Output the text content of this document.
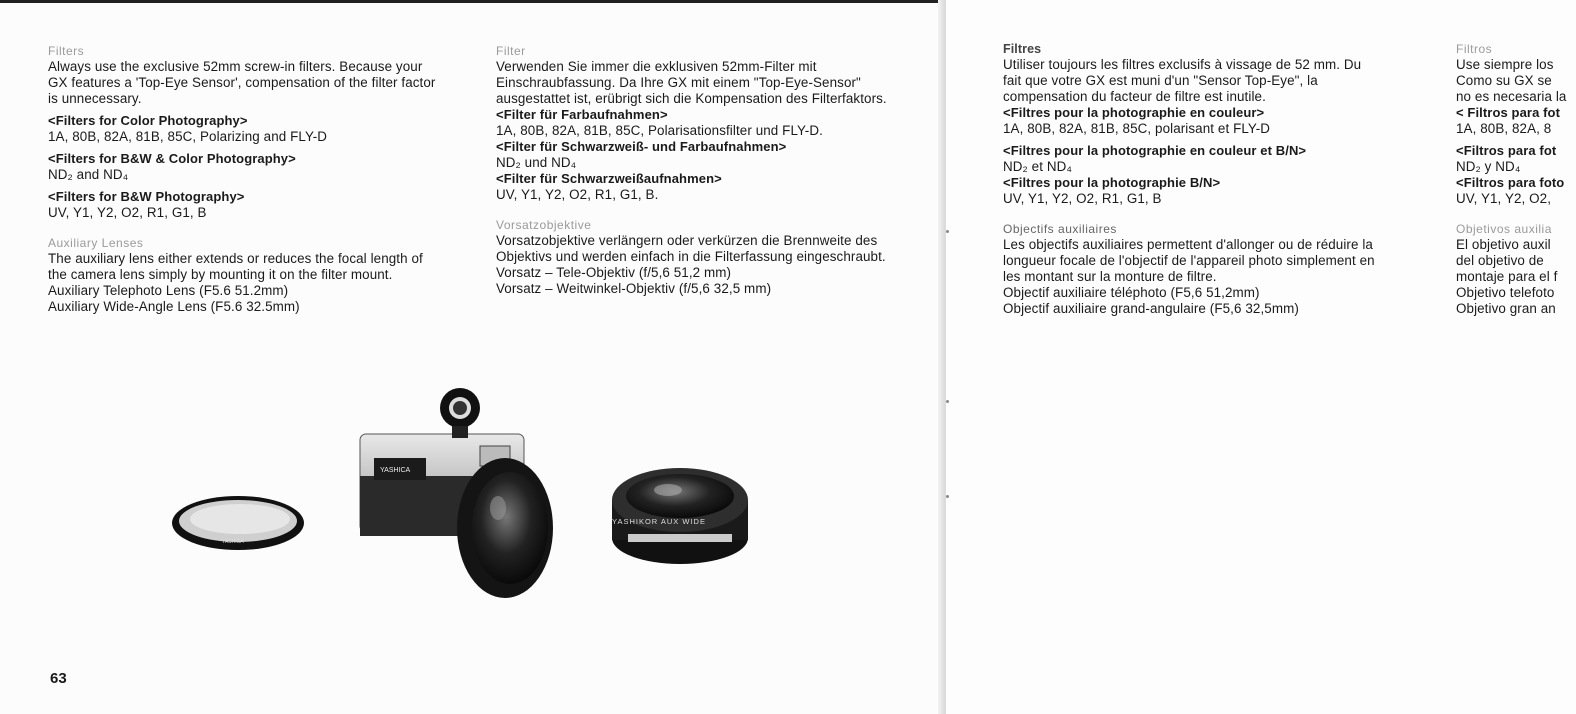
Filters

Always use the exclusive 52mm screw-in filters. Because your GX features a 'Top-Eye Sensor', compensation of the filter factor is unnecessary.

<Filters for Color Photography>

1A, 80B, 82A, 81B, 85C, Polarizing and FLY-D

<Filters for B&W & Color Photography>

ND₂ and ND₄

<Filters for B&W Photography>

UV, Y1, Y2, O2, R1, G1, B

Auxiliary Lenses

The auxiliary lens either extends or reduces the focal length of the camera lens simply by mounting it on the filter mount.

Auxiliary Telephoto Lens (F5.6 51.2mm)

Auxiliary Wide-Angle Lens (F5.6 32.5mm)

Filter

Verwenden Sie immer die exklusiven 52mm-Filter mit Einschraubfassung. Da Ihre GX mit einem "Top-Eye-Sensor" ausgestattet ist, erübrigt sich die Kompensation des Filterfaktors.

<Filter für Farbaufnahmen>

1A, 80B, 82A, 81B, 85C, Polarisationsfilter und FLY-D.

<Filter für Schwarzweiß- und Farbaufnahmen>

ND₂ und ND₄

<Filter für Schwarzweißaufnahmen>

UV, Y1, Y2, O2, R1, G1, B.

Vorsatzobjektive

Vorsatzobjektive verlängern oder verkürzen die Brennweite des Objektivs und werden einfach in die Filterfassung eingeschraubt.

Vorsatz – Tele-Objektiv (f/5,6 51,2 mm)

Vorsatz – Weitwinkel-Objektiv (f/5,6 32,5 mm)

YASHICA
YASHICA
YASHIKOR AUX WIDE
63

Filtres

Utiliser toujours les filtres exclusifs à vissage de 52 mm. Du fait que votre GX est muni d'un "Sensor Top-Eye", la compensation du facteur de filtre est inutile.

<Filtres pour la photographie en couleur>

1A, 80B, 82A, 81B, 85C, polarisant et FLY-D

<Filtres pour la photographie en couleur et B/N>

ND₂ et ND₄

<Filtres pour la photographie B/N>

UV, Y1, Y2, O2, R1, G1, B

Objectifs auxiliaires

Les objectifs auxiliaires permettent d'allonger ou de réduire la longueur focale de l'objectif de l'appareil photo simplement en les montant sur la monture de filtre.

Objectif auxiliaire téléphoto (F5,6 51,2mm)

Objectif auxiliaire grand-angulaire (F5,6 32,5mm)

Filtros

Use siempre los

Como su GX se

no es necesaria la

< Filtros para fot

1A, 80B, 82A, 8

<Filtros para fot

ND₂ y ND₄

<Filtros para foto

UV, Y1, Y2, O2,

Objetivos auxilia

El objetivo auxil

del objetivo de

montaje para el f

Objetivo telefoto

Objetivo gran an
